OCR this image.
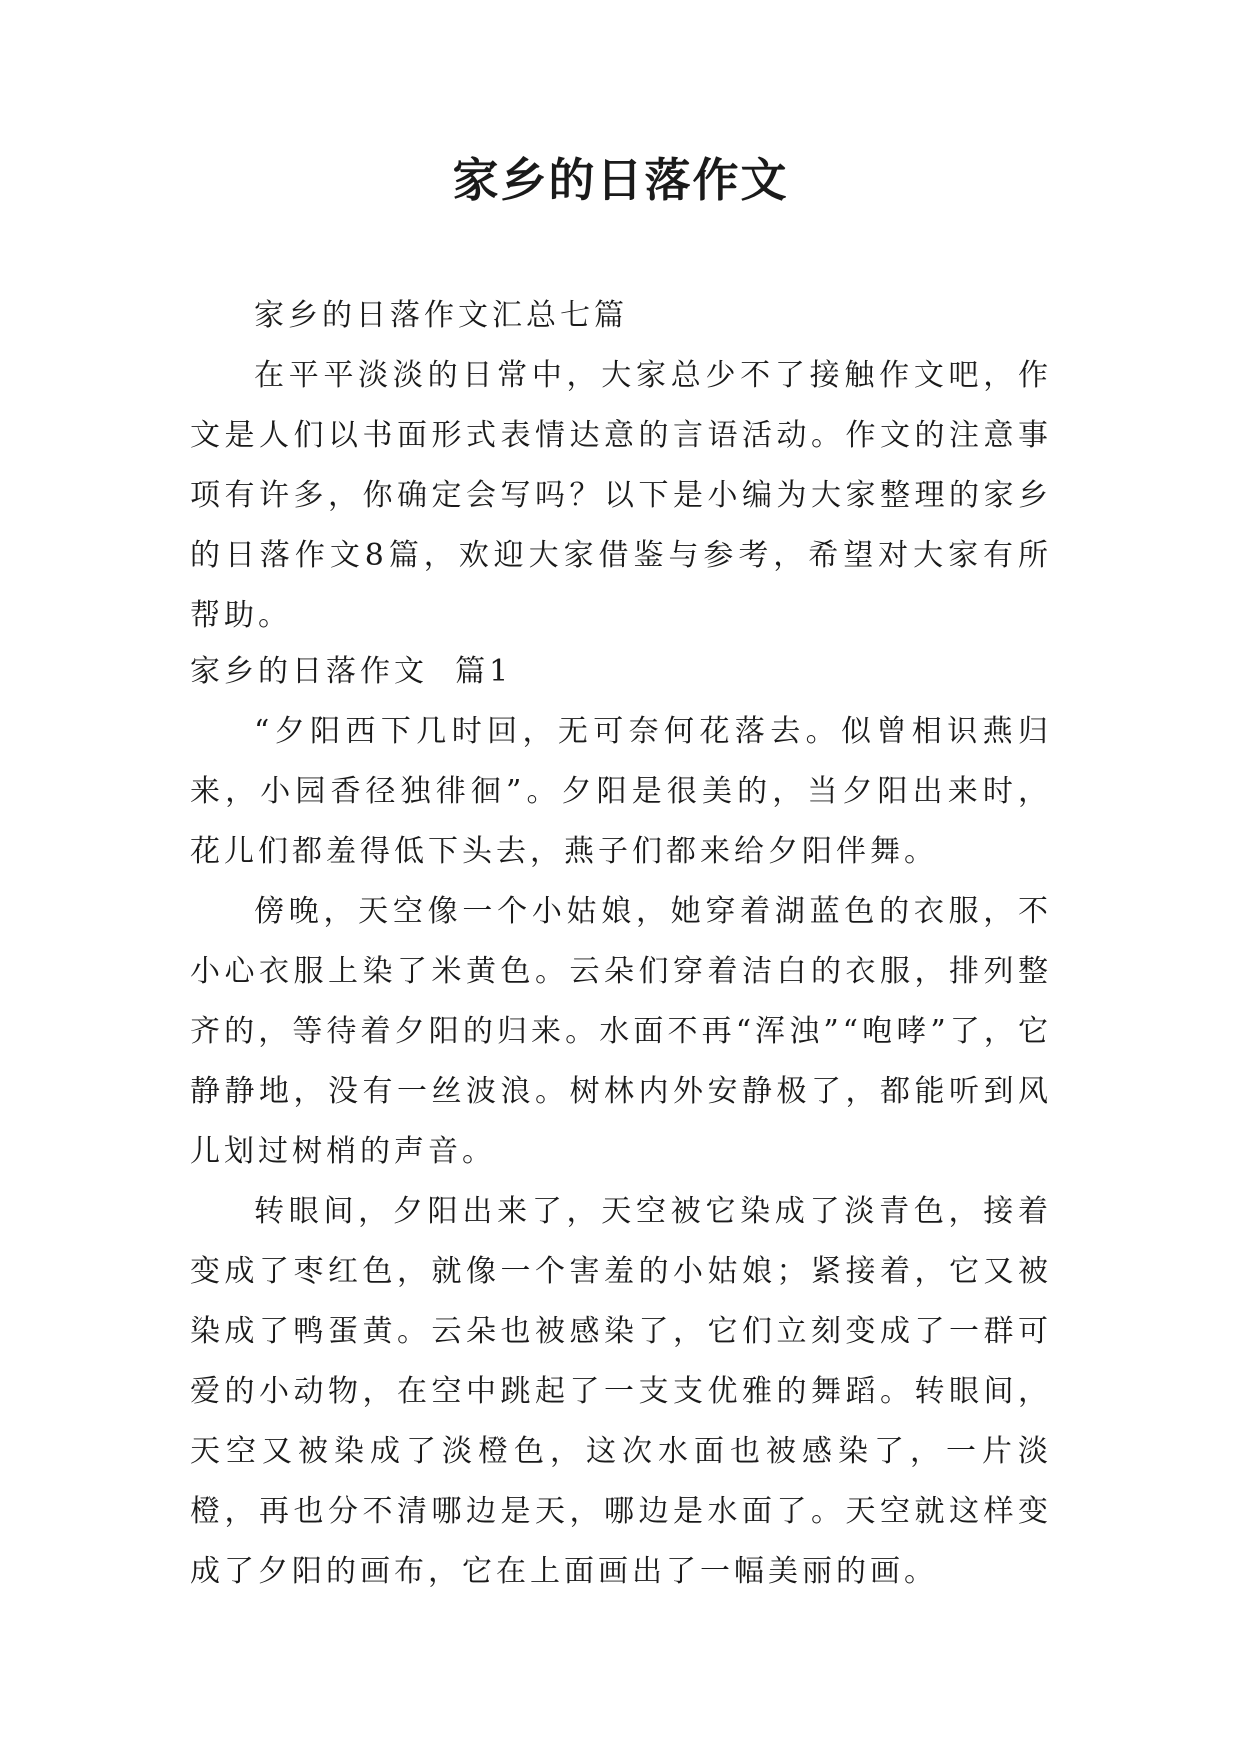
家乡的日落作文

家乡的日落作文汇总七篇

在平平淡淡的日常中，大家总少不了接触作文吧，作文是人们以书面形式表情达意的言语活动。作文的注意事项有许多，你确定会写吗？以下是小编为大家整理的家乡的日落作文8篇，欢迎大家借鉴与参考，希望对大家有所帮助。

家乡的日落作文  篇1

“夕阳西下几时回，无可奈何花落去。似曾相识燕归来，小园香径独徘徊”。夕阳是很美的，当夕阳出来时，花儿们都羞得低下头去，燕子们都来给夕阳伴舞。

傍晚，天空像一个小姑娘，她穿着湖蓝色的衣服，不小心衣服上染了米黄色。云朵们穿着洁白的衣服，排列整齐的，等待着夕阳的归来。水面不再“浑浊”“咆哮”了，它静静地，没有一丝波浪。树林内外安静极了，都能听到风儿划过树梢的声音。

转眼间，夕阳出来了，天空被它染成了淡青色，接着变成了枣红色，就像一个害羞的小姑娘；紧接着，它又被染成了鸭蛋黄。云朵也被感染了，它们立刻变成了一群可爱的小动物，在空中跳起了一支支优雅的舞蹈。转眼间，天空又被染成了淡橙色，这次水面也被感染了，一片淡橙，再也分不清哪边是天，哪边是水面了。天空就这样变成了夕阳的画布，它在上面画出了一幅美丽的画。
